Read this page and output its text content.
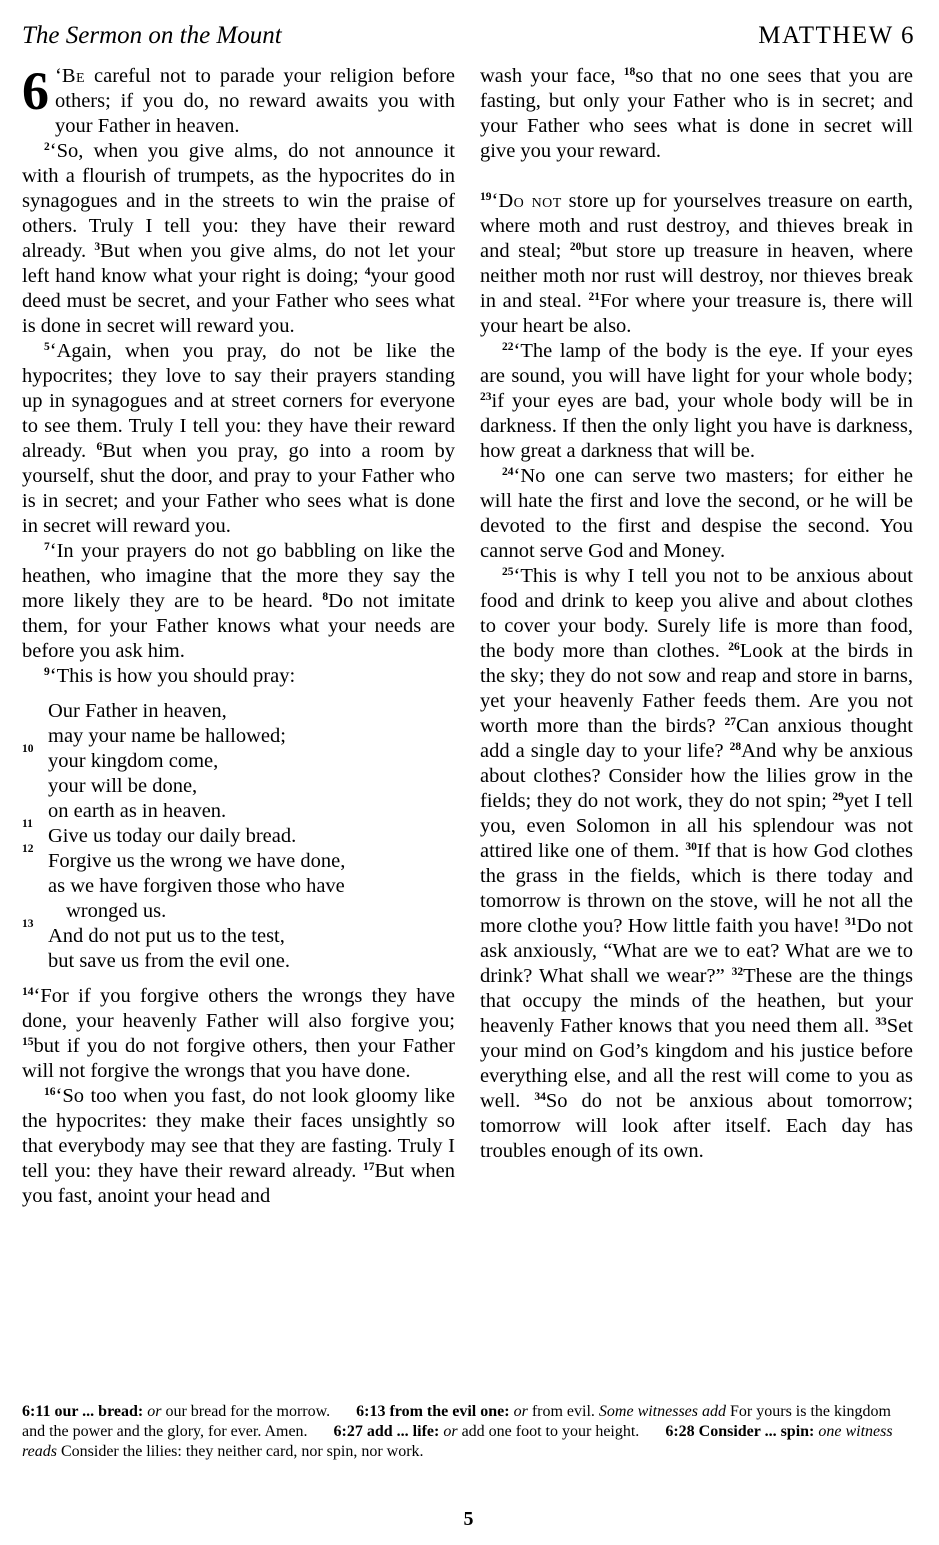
The Sermon on the Mount	MATTHEW 6

6 ‘Be careful not to parade your religion before others; if you do, no reward awaits you with your Father in heaven.

$^2$‘So, when you give alms, do not announce it with a flourish of trumpets, as the hypocrites do in synagogues and in the streets to win the praise of others. Truly I tell you: they have their reward already. $^3$But when you give alms, do not let your left hand know what your right is doing; $^4$your good deed must be secret, and your Father who sees what is done in secret will reward you.

$^5$‘Again, when you pray, do not be like the hypocrites; they love to say their prayers standing up in synagogues and at street corners for everyone to see them. Truly I tell you: they have their reward already. $^6$But when you pray, go into a room by yourself, shut the door, and pray to your Father who is in secret; and your Father who sees what is done in secret will reward you.

$^7$‘In your prayers do not go babbling on like the heathen, who imagine that the more they say the more likely they are to be heard. $^8$Do not imitate them, for your Father knows what your needs are before you ask him.

$^9$‘This is how you should pray:

Our Father in heaven,
may your name be hallowed;
10
your kingdom come,
your will be done,
on earth as in heaven.
11
Give us today our daily bread.
12
Forgive us the wrong we have done,
as we have forgiven those who have
wronged us.
13
And do not put us to the test,
but save us from the evil one.

$^{14}$‘For if you forgive others the wrongs they have done, your heavenly Father will also forgive you; $^{15}$but if you do not forgive others, then your Father will not forgive the wrongs that you have done.

$^{16}$‘So too when you fast, do not look gloomy like the hypocrites: they make their faces unsightly so that everybody may see that they are fasting. Truly I tell you: they have their reward already. $^{17}$But when you fast, anoint your head and

wash your face, $^{18}$so that no one sees that you are fasting, but only your Father who is in secret; and your Father who sees what is done in secret will give you your reward.

$^{19}$‘Do not store up for yourselves treasure on earth, where moth and rust destroy, and thieves break in and steal; $^{20}$but store up treasure in heaven, where neither moth nor rust will destroy, nor thieves break in and steal. $^{21}$For where your treasure is, there will your heart be also.

$^{22}$‘The lamp of the body is the eye. If your eyes are sound, you will have light for your whole body; $^{23}$if your eyes are bad, your whole body will be in darkness. If then the only light you have is darkness, how great a darkness that will be.

$^{24}$‘No one can serve two masters; for either he will hate the first and love the second, or he will be devoted to the first and despise the second. You cannot serve God and Money.

$^{25}$‘This is why I tell you not to be anxious about food and drink to keep you alive and about clothes to cover your body. Surely life is more than food, the body more than clothes. $^{26}$Look at the birds in the sky; they do not sow and reap and store in barns, yet your heavenly Father feeds them. Are you not worth more than the birds? $^{27}$Can anxious thought add a single day to your life? $^{28}$And why be anxious about clothes? Consider how the lilies grow in the fields; they do not work, they do not spin; $^{29}$yet I tell you, even Solomon in all his splendour was not attired like one of them. $^{30}$If that is how God clothes the grass in the fields, which is there today and tomorrow is thrown on the stove, will he not all the more clothe you? How little faith you have! $^{31}$Do not ask anxiously, “What are we to eat? What are we to drink? What shall we wear?” $^{32}$These are the things that occupy the minds of the heathen, but your heavenly Father knows that you need them all. $^{33}$Set your mind on God’s kingdom and his justice before everything else, and all the rest will come to you as well. $^{34}$So do not be anxious about tomorrow; tomorrow will look after itself. Each day has troubles enough of its own.

6:11 our ... bread: or our bread for the morrow. 6:13 from the evil one: or from evil. Some witnesses add For yours is the kingdom and the power and the glory, for ever. Amen. 6:27 add ... life: or add one foot to your height. 6:28 Consider ... spin: one witness reads Consider the lilies: they neither card, nor spin, nor work.

5
